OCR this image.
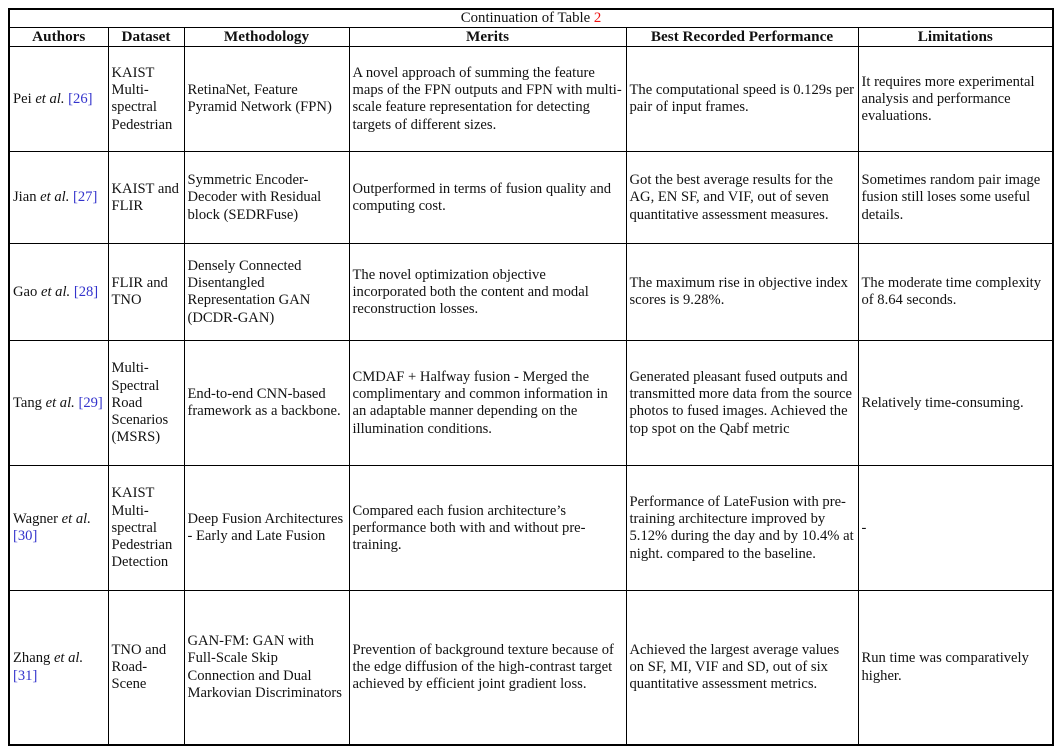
Continuation of Table 2					
Authors	Dataset	Methodology	Merits	Best Recorded Performance	Limitations
Pei et al. [26]	KAIST Multi-spectral Pedestrian	RetinaNet, Feature Pyramid Network (FPN)	A novel approach of summing the feature maps of the FPN outputs and FPN with multi-scale feature representation for detecting targets of different sizes.	The computational speed is 0.129s per pair of input frames.	It requires more experimental analysis and performance evaluations.
Jian et al. [27]	KAIST and FLIR	Symmetric Encoder-Decoder with Residual block (SEDRFuse)	Outperformed in terms of fusion quality and computing cost.	Got the best average results for the AG, EN SF, and VIF, out of seven quantitative assessment measures.	Sometimes random pair image fusion still loses some useful details.
Gao et al. [28]	FLIR and TNO	Densely Connected Disentangled Representation GAN (DCDR-GAN)	The novel optimization objective incorporated both the content and modal reconstruction losses.	The maximum rise in objective index scores is 9.28%.	The moderate time complexity of 8.64 seconds.
Tang et al. [29]	Multi-Spectral Road Scenarios (MSRS)	End-to-end CNN-based framework as a backbone.	CMDAF + Halfway fusion - Merged the complimentary and common information in an adaptable manner depending on the illumination conditions.	Generated pleasant fused outputs and transmitted more data from the source photos to fused images. Achieved the top spot on the Qabf metric	Relatively time-consuming.
Wagner et al. [30]	KAIST Multi-spectral Pedestrian Detection	Deep Fusion Architectures - Early and Late Fusion	Compared each fusion architecture’s performance both with and without pre-training.	Performance of LateFusion with pre-training architecture improved by 5.12% during the day and by 10.4% at night. compared to the baseline.	-
Zhang et al. [31]	TNO and Road-Scene	GAN-FM: GAN with Full-Scale Skip Connection and Dual Markovian Discriminators	Prevention of background texture because of the edge diffusion of the high-contrast target achieved by efficient joint gradient loss.	Achieved the largest average values on SF, MI, VIF and SD, out of six quantitative assessment metrics.	Run time was comparatively higher.
